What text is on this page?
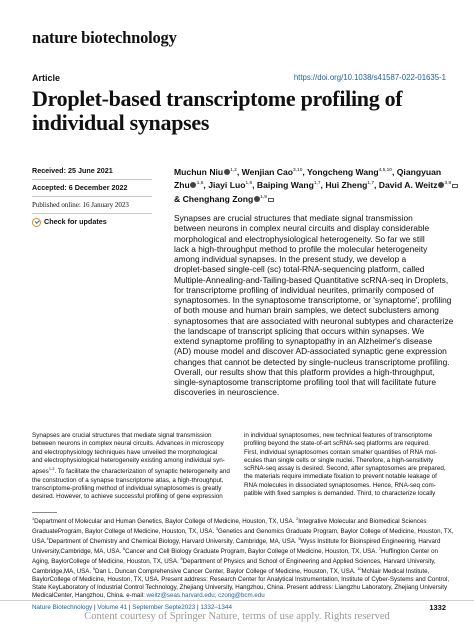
nature biotechnology
Article	https://doi.org/10.1038/s41587-022-01635-1
Droplet-based transcriptome profiling of
individual synapses
Received: 25 June 2021
Accepted: 6 December 2022
Published online: 16 January 2023
Check for updates
Muchun Niu $^{1,2}$, Wenjian Cao$^{3,10}$, Yongcheng Wang$^{4,5,10}$, Qiangyuan Zhu $^{1,6}$, Jiayi Luo$^{1,6}$, Baiping Wang$^{1,7}$, Hui Zheng$^{1,7}$, David A. Weitz $^{3,8}$ & Chenghang Zong $^{1,9}$
Synapses are crucial structures that mediate signal transmission
between neurons in complex neural circuits and display considerable
morphological and electrophysiological heterogeneity. So far we still
lack a high-throughput method to profile the molecular heterogeneity
among individual synapses. In the present study, we develop a
droplet-based single-cell (sc) total-RNA-sequencing platform, called
Multiple-Annealing-and-Tailing-based Quantitative scRNA-seq in Droplets,
for transcriptome profiling of individual neurites, primarily composed of
synaptosomes. In the synaptosome transcriptome, or 'synaptome', profiling
of both mouse and human brain samples, we detect subclusters among
synaptosomes that are associated with neuronal subtypes and characterize
the landscape of transcript splicing that occurs within synapses. We
extend synaptome profiling to synaptopathy in an Alzheimer's disease
(AD) mouse model and discover AD-associated synaptic gene expression
changes that cannot be detected by single-nucleus transcriptome profiling.
Overall, our results show that this platform provides a high-throughput,
single-synaptosome transcriptome profiling tool that will facilitate future
discoveries in neuroscience.
Synapses are crucial structures that mediate signal transmission
between neurons in complex neural circuits. Advances in microscopy
and electrophysiology techniques have unveiled the morphological
and electrophysiological heterogeneity existing among individual syn-
apses$^{1-3}$. To facilitate the characterization of synaptic heterogeneity and
the construction of a synapse transcriptome atlas, a high-throughput,
transcriptome-profiling method of individual synaptosomes is greatly
desired. However, to achieve successful profiling of gene expression
in individual synaptosomes, new technical features of transcriptome
profiling beyond the state-of-art scRNA-seq platforms are required.
First, individual synaptosomes contain smaller quantities of RNA mol-
ecules than single cells or single nuclei. Therefore, a high-sensitivity
scRNA-seq assay is desired. Second, after synaptosomes are prepared,
the materials require immediate fixation to prevent notable leakage of
RNA molecules in dissociated synaptosomes. Hence, RNA-seq com-
patible with fixed samples is demanded. Third, to characterize locally
$^1$Department of Molecular and Human Genetics, Baylor College of Medicine, Houston, TX, USA. $^2$Integrative Molecular and Biomedical Sciences GraduateProgram, Baylor College of Medicine, Houston, TX, USA. $^3$Genetics and Genomics Graduate Program, Baylor College of Medicine, Houston, TX, USA.$^4$Department of Chemistry and Chemical Biology, Harvard University, Cambridge, MA, USA. $^5$Wyss Institute for Bioinspired Engineering, Harvard University,Cambridge, MA, USA. $^6$Cancer and Cell Biology Graduate Program, Baylor College of Medicine, Houston, TX, USA. $^7$Huffington Center on Aging, BaylorCollege of Medicine, Houston, TX, USA. $^8$Department of Physics and School of Engineering and Applied Sciences, Harvard University, Cambridge,MA, USA. $^9$Dan L. Duncan Comprehensive Cancer Center, Baylor College of Medicine, Houston, TX, USA. $^{10}$McNair Medical Institute, BaylorCollege of Medicine, Houston, TX, USA. Present address: Research Center for Analytical Instrumentation, Institute of Cyber-Systems and Control, State KeyLaboratory of Industrial Control Technology, Zhejiang University, Hangzhou, China. Present address: Liangzhu Laboratory, Zhejiang University MedicalCenter, Hangzhou, China. e-mail: weitz@seas.harvard.edu; czong@bcm.edu
Nature Biotechnology | Volume 41 | September Septe2023 | 1332–1344	1332
Content courtesy of Springer Nature, terms of use apply. Rights reserved
